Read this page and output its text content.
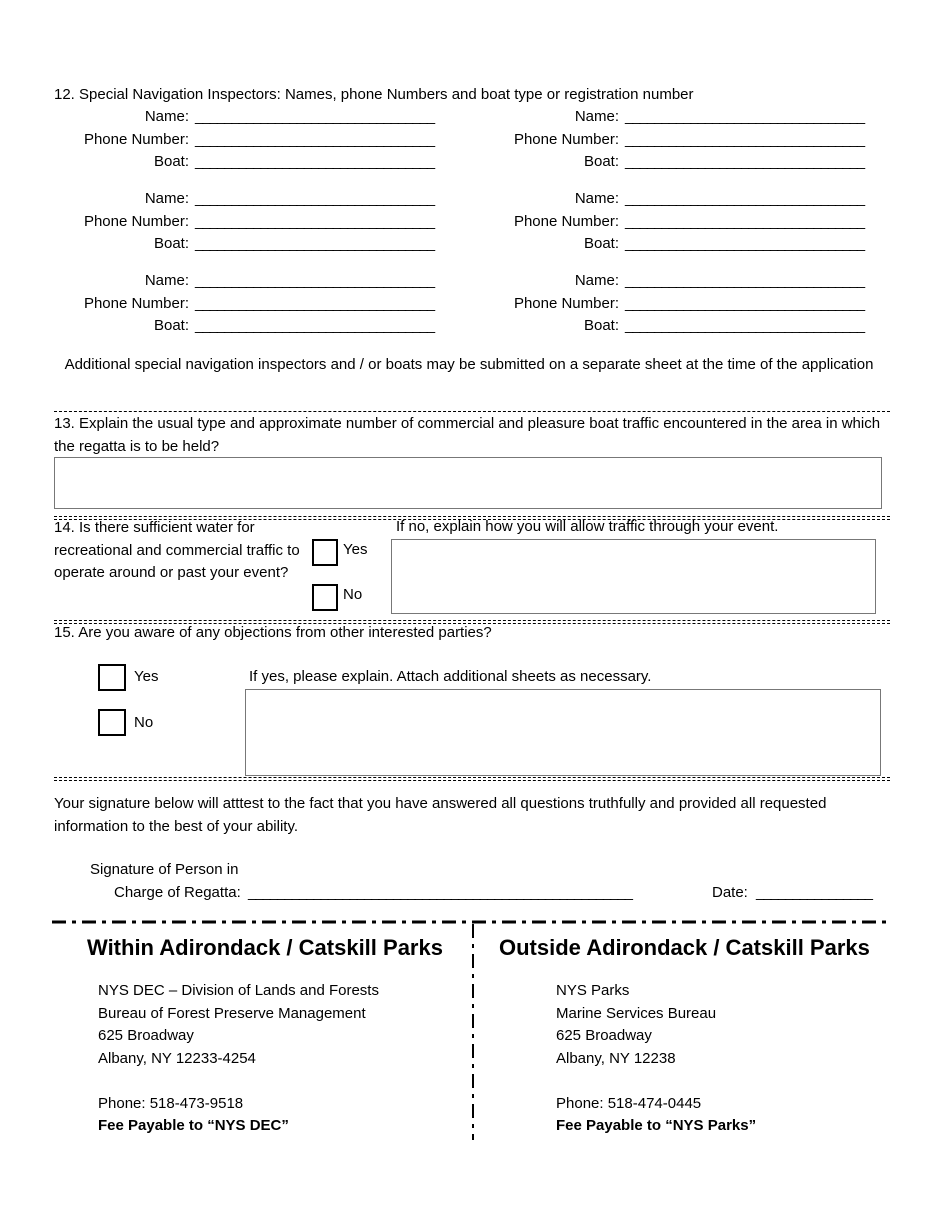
12. Special Navigation Inspectors: Names, phone Numbers and boat type or registration number
Name: _________________________________
Phone Number: _________________________________
Boat: _________________________________
Name: _________________________________
Phone Number: _________________________________
Boat: _________________________________
Name: _________________________________
Phone Number: _________________________________
Boat: _________________________________
Name: _________________________________
Phone Number: _________________________________
Boat: _________________________________
Name: _________________________________
Phone Number: _________________________________
Boat: _________________________________
Name: _________________________________
Phone Number: _________________________________
Boat: _________________________________
Additional special navigation inspectors and / or boats may be submitted on a separate sheet at the time of the application
13. Explain the usual type and approximate number of commercial and pleasure boat traffic encountered in the area in which the regatta is to be held?
14. Is there sufficient water for recreational and commercial traffic to operate around or past your event?
Yes
No
If no, explain how you will allow traffic through your event.
15. Are you aware of any objections from other interested parties?
Yes
No
If yes, please explain. Attach additional sheets as necessary.
Your signature below will atttest to the fact that you have answered all questions truthfully and provided all requested information to the best of your ability.
Signature of Person in
Charge of Regatta: _____________________________________________________	Date: ________________
Within Adirondack / Catskill Parks
NYS DEC – Division of Lands and Forests
Bureau of Forest Preserve Management
625 Broadway
Albany, NY 12233-4254

Phone: 518-473-9518
Fee Payable to “NYS DEC”
Outside Adirondack / Catskill Parks
NYS Parks
Marine Services Bureau
625 Broadway
Albany, NY 12238

Phone: 518-474-0445
Fee Payable to “NYS Parks”
